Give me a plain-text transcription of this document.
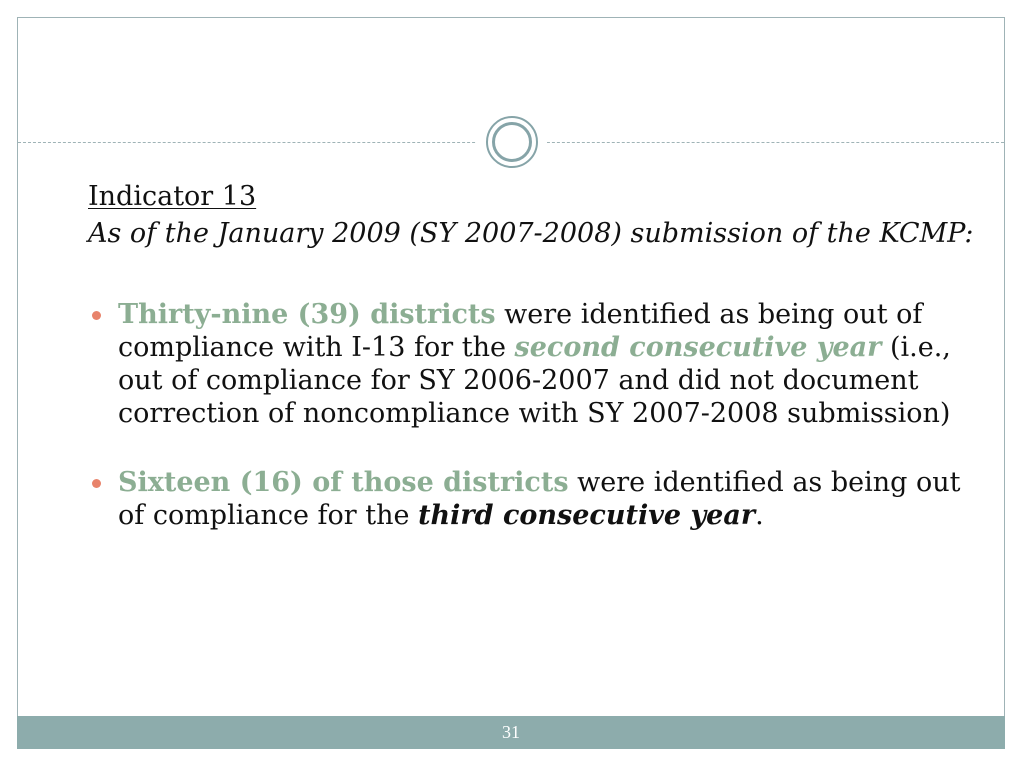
Indicator 13

As of the January 2009 (SY 2007-2008) submission of the KCMP:

Thirty-nine (39) districts were identified as being out of compliance with I-13 for the second consecutive year (i.e., out of compliance for SY 2006-2007 and did not document correction of noncompliance with SY 2007-2008 submission)
Sixteen (16) of those districts were identified as being out of compliance for the third consecutive year.
31
